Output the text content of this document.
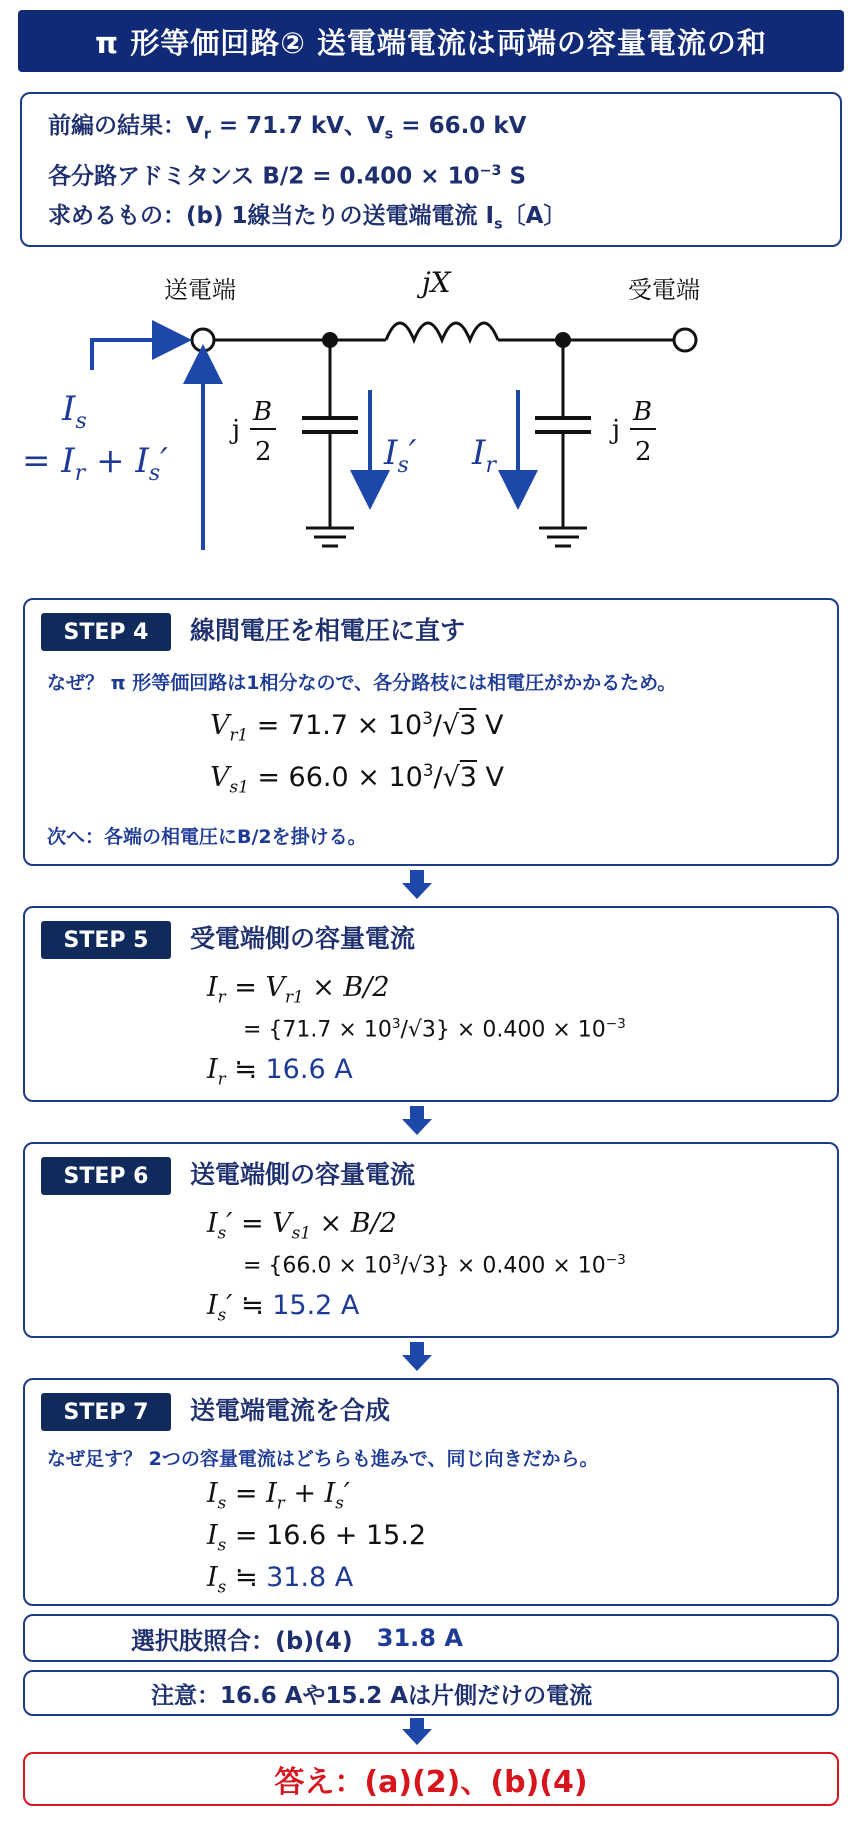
π 形等価回路② 送電端電流は両端の容量電流の和
前編の結果：$V_r = 71.7$ kV、$V_s = 66.0$ kV
各分路アドミタンス $B/2 = 0.400 \times 10^{-3}$ S
求めるもの：(b) 1線当たりの送電端電流 $I_s$〔A〕
送電端	受電端
jX
j
B
2
j
B
2
$I_s$
= $I_r + I_s'$	$I_s'$ $I_r$
STEP 4	線間電圧を相電圧に直す
なぜ？ π 形等価回路は1相分なので、各分路枝には相電圧がかかるため。
$V_{r1} = 71.7 \times 10^3/√3$ V
$V_{s1} = 66.0 \times 10^3/√3$ V
次へ：各端の相電圧にB/2を掛ける。
STEP 5	受電端側の容量電流
$I_r = V_{r1} \times B/2$
= $\{71.7 \times 10^3/√3\} \times 0.400 \times 10^{-3}$
$I_r$ ≒ 16.6 A
STEP 6	送電端側の容量電流
$I_s' = V_{s1} \times B/2$
= $\{66.0 \times 10^3/√3\} \times 0.400 \times 10^{-3}$
$I_s'$ ≒ 15.2 A
STEP 7	送電端電流を合成
なぜ足す？ 2つの容量電流はどちらも進みで、同じ向きだから。
$I_s = I_r + I_s'$
$I_s = 16.6 + 15.2$
$I_s$ ≒ 31.8 A
選択肢照合：(b)(4) 31.8 A
注意：16.6 Aや15.2 Aは片側だけの電流
答え：(a)(2)、(b)(4)
